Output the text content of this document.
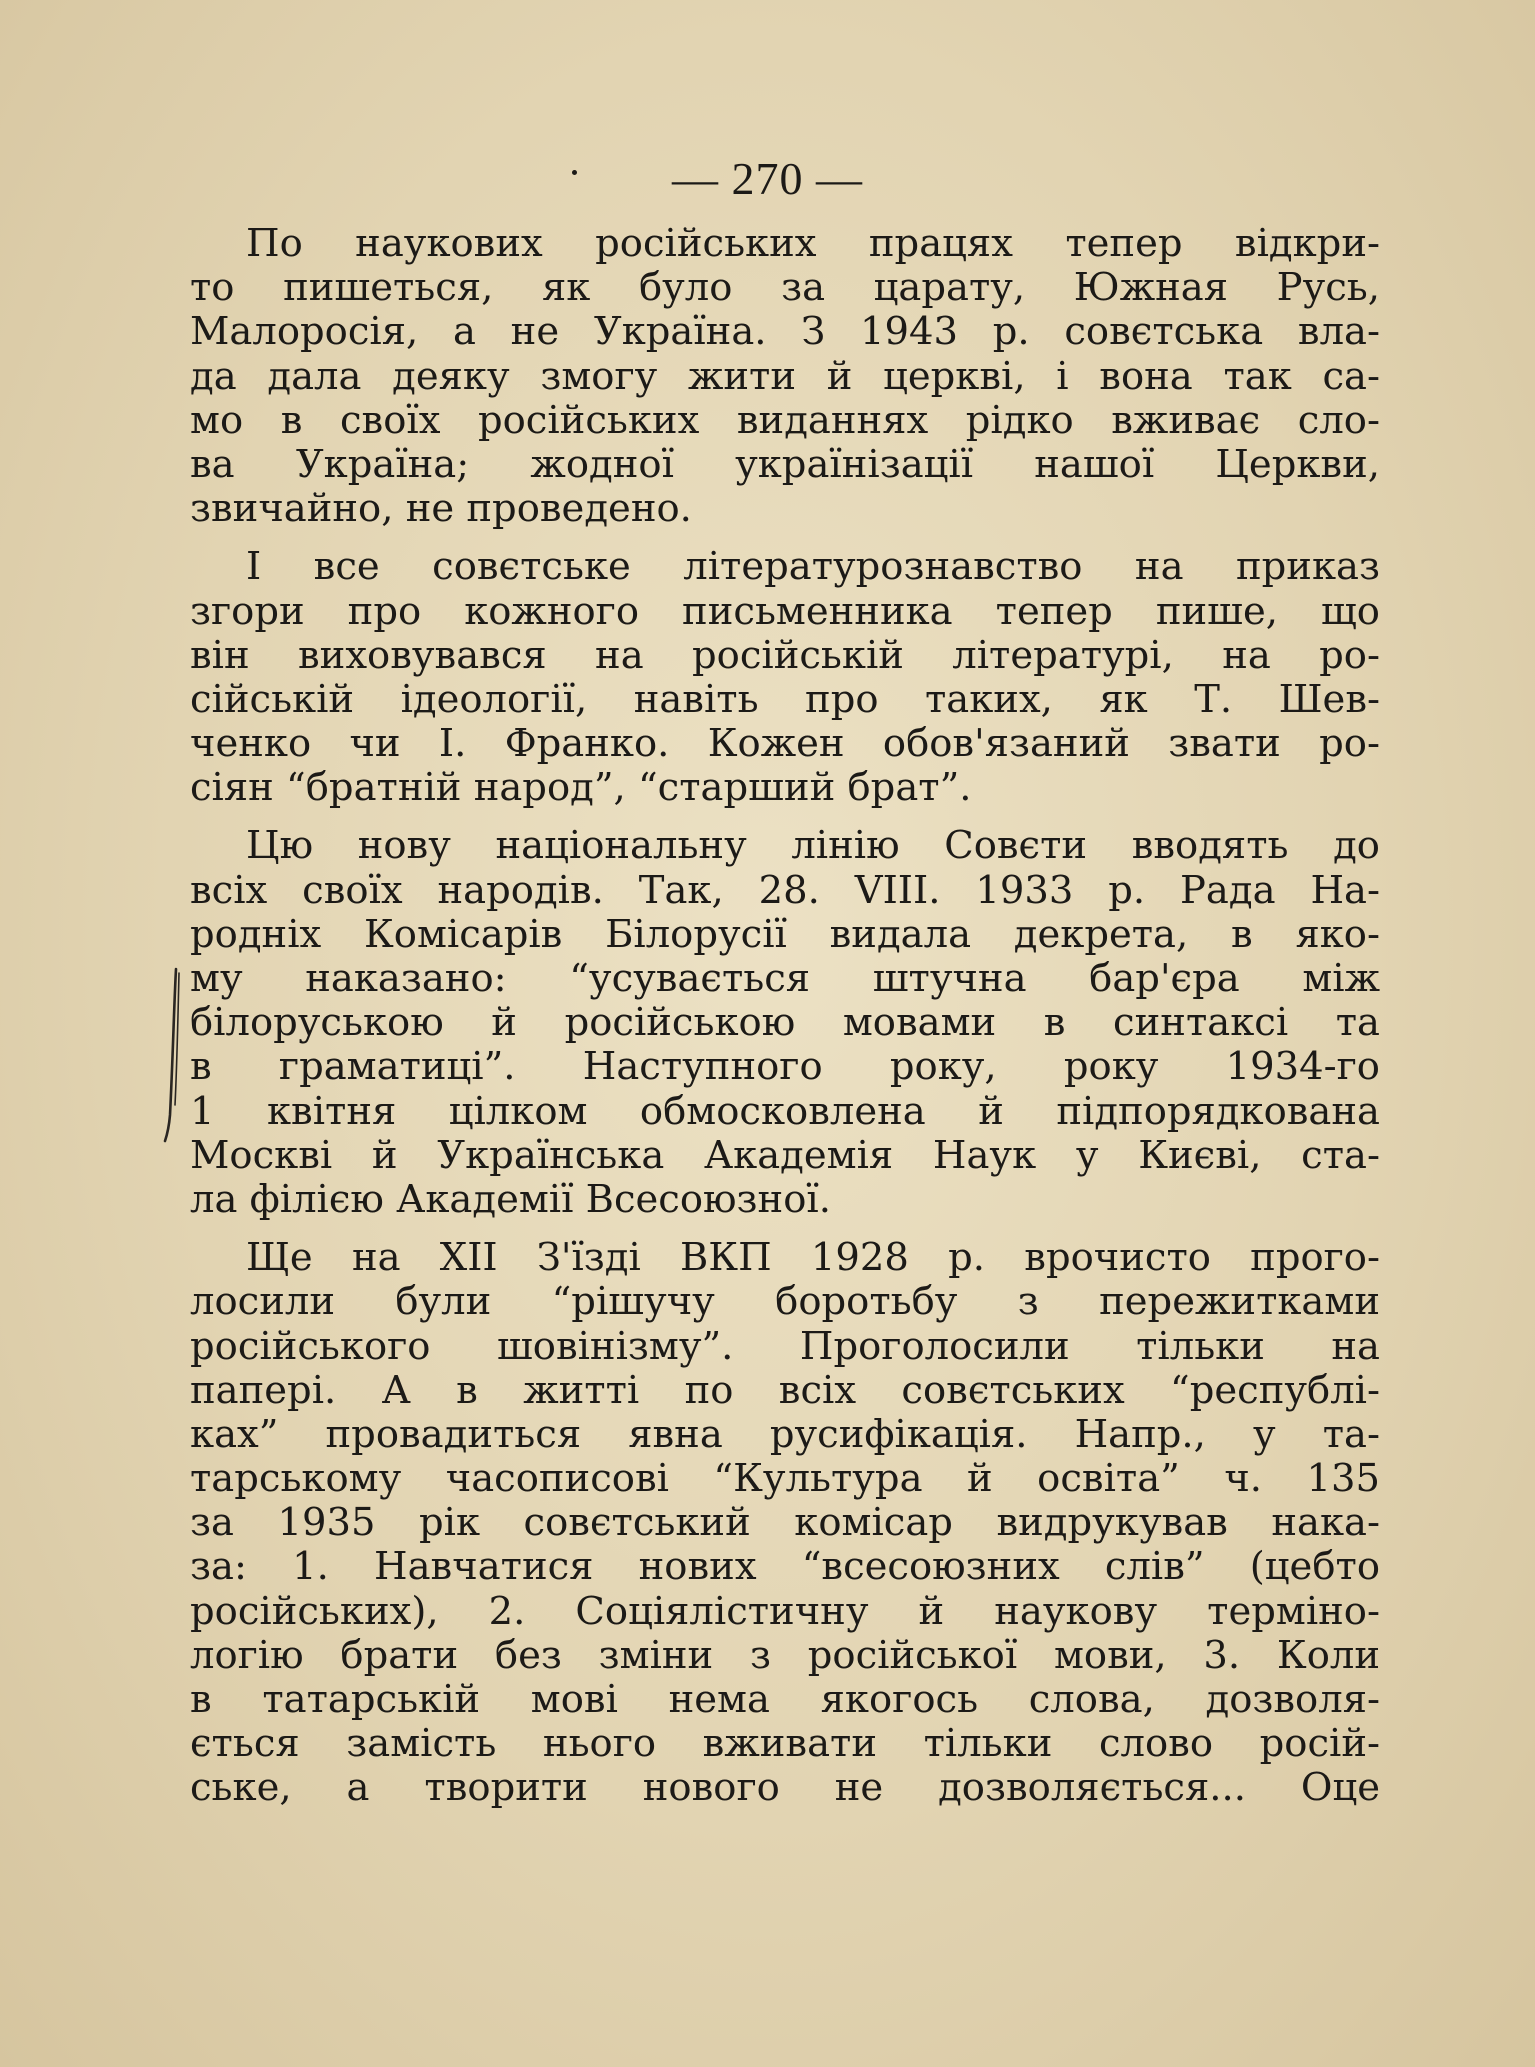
— 270 —
По наукових російських працях тепер відкри-
то пишеться, як було за царату, Южная Русь,
Малоросія, а не Україна. З 1943 р. совєтська вла-
да дала деяку змогу жити й церкві, і вона так са-
мо в своїх російських виданнях рідко вживає сло-
ва Україна; жодної українізації нашої Церкви,
звичайно, не проведено.
І все совєтське літературознавство на приказ
згори про кожного письменника тепер пише, що
він виховувався на російській літературі, на ро-
сійській ідеології, навіть про таких, як Т. Шев-
ченко чи І. Франко. Кожен обов'язаний звати ро-
сіян “братній народ”, “старший брат”.
Цю нову національну лінію Совєти вводять до
всіх своїх народів. Так, 28. VIII. 1933 р. Рада На-
родніх Комісарів Білорусії видала декрета, в яко-
му наказано: “усувається штучна бар'єра між
білоруською й російською мовами в синтаксі та
в граматиці”. Наступного року, року 1934-го
1 квітня цілком обмосковлена й підпорядкована
Москві й Українська Академія Наук у Києві, ста-
ла філією Академії Всесоюзної.
Ще на XII З'їзді ВКП 1928 р. врочисто прого-
лосили були “рішучу боротьбу з пережитками
російського шовінізму”. Проголосили тільки на
папері. А в житті по всіх совєтських “республі-
ках” провадиться явна русифікація. Напр., у та-
тарському часописові “Культура й освіта” ч. 135
за 1935 рік совєтський комісар видрукував нака-
за: 1. Навчатися нових “всесоюзних слів” (цебто
російських), 2. Соціялістичну й наукову терміно-
логію брати без зміни з російської мови, 3. Коли
в татарській мові нема якогось слова, дозволя-
ється замість нього вживати тільки слово росій-
ське, а творити нового не дозволяється... Оце
